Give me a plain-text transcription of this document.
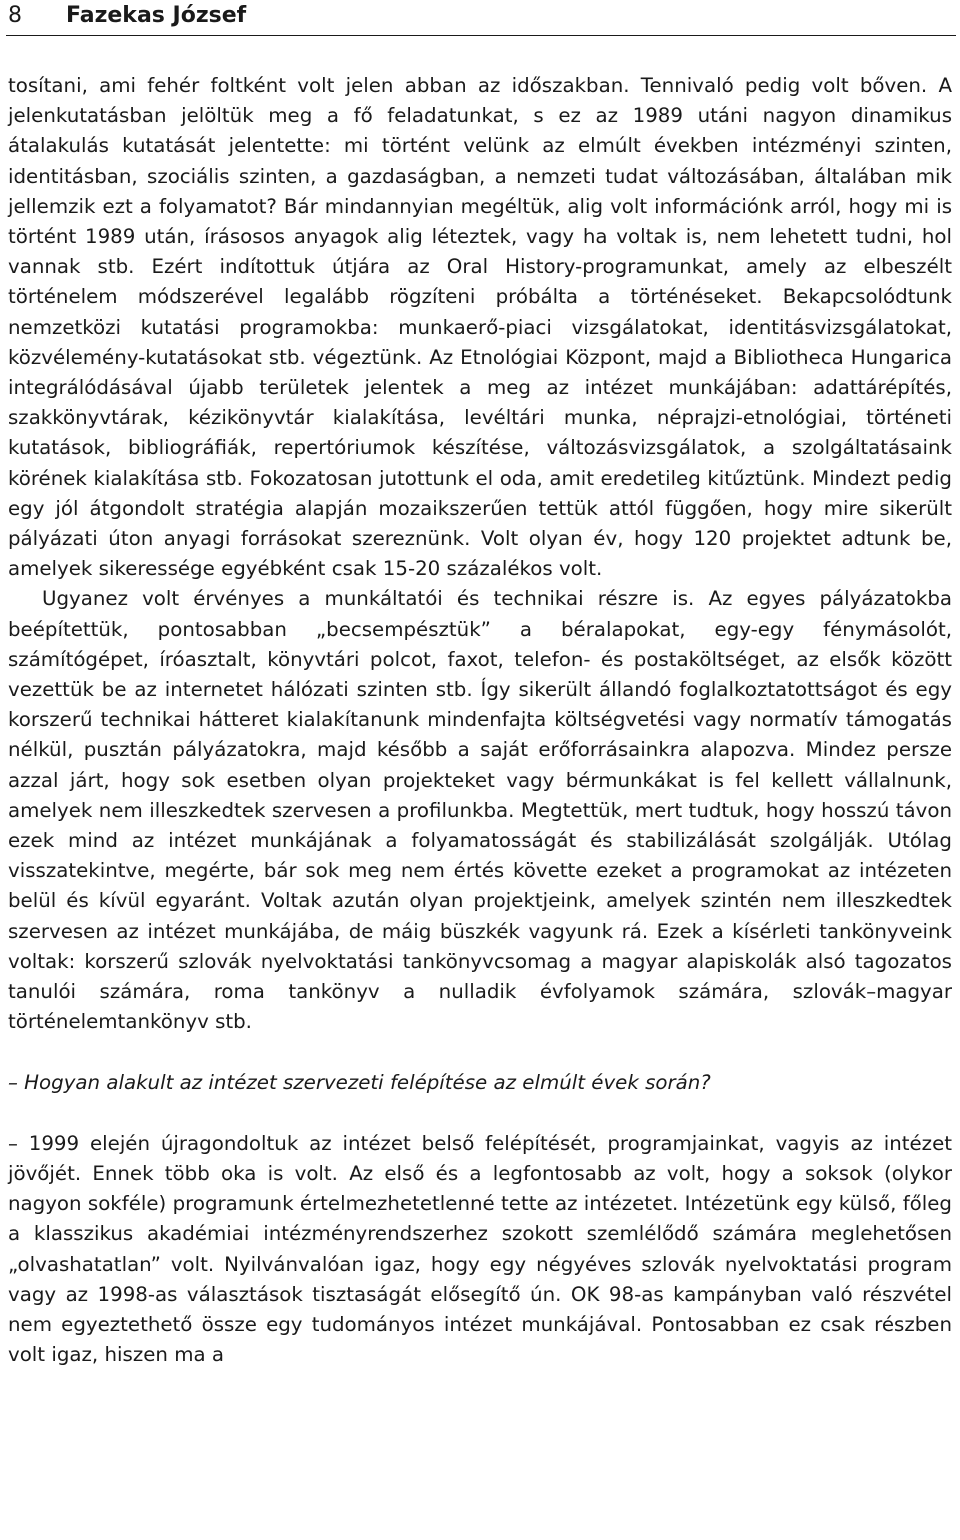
8	Fazekas József

tosítani, ami fehér foltként volt jelen abban az időszakban. Tennivaló pedig volt bőven. A jelenkutatásban jelöltük meg a fő feladatunkat, s ez az 1989 utáni nagyon dinamikus átalakulás kutatását jelentette: mi történt velünk az elmúlt években intézményi szinten, identitásban, szociális szinten, a gazdaságban, a nemzeti tudat változásában, általában mik jellemzik ezt a folyamatot? Bár mindannyian megéltük, alig volt információnk arról, hogy mi is történt 1989 után, írásosos anyagok alig léteztek, vagy ha voltak is, nem lehetett tudni, hol vannak stb. Ezért indítottuk útjára az Oral History-programunkat, amely az elbeszélt történelem módszerével legalább rögzíteni próbálta a történéseket. Bekapcsolódtunk nemzetközi kutatási programokba: munkaerő-piaci vizsgálatokat, identitásvizsgálatokat, közvélemény-kutatásokat stb. végeztünk. Az Etnológiai Központ, majd a Bibliotheca Hungarica integrálódásával újabb területek jelentek a meg az intézet munkájában: adattárépítés, szakkönyvtárak, kézikönyvtár kialakítása, levéltári munka, néprajzi-etnológiai, történeti kutatások, bibliográfiák, repertóriumok készítése, változásvizsgálatok, a szolgáltatásaink körének kialakítása stb. Fokozatosan jutottunk el oda, amit eredetileg kitűztünk. Mindezt pedig egy jól átgondolt stratégia alapján mozaikszerűen tettük attól függően, hogy mire sikerült pályázati úton anyagi forrásokat szereznünk. Volt olyan év, hogy 120 projektet adtunk be, amelyek sikeressége egyébként csak 15-20 százalékos volt.

Ugyanez volt érvényes a munkáltatói és technikai részre is. Az egyes pályázatokba beépítettük, pontosabban „becsempésztük” a béralapokat, egy-egy fénymásolót, számítógépet, íróasztalt, könyvtári polcot, faxot, telefon- és postaköltséget, az elsők között vezettük be az internetet hálózati szinten stb. Így sikerült állandó foglalkoztatottságot és egy korszerű technikai hátteret kialakítanunk mindenfajta költségvetési vagy normatív támogatás nélkül, pusztán pályázatokra, majd később a saját erőforrásainkra alapozva. Mindez persze azzal járt, hogy sok esetben olyan projekteket vagy bérmunkákat is fel kellett vállalnunk, amelyek nem illeszkedtek szervesen a profilunkba. Megtettük, mert tudtuk, hogy hosszú távon ezek mind az intézet munkájának a folyamatosságát és stabilizálását szolgálják. Utólag visszatekintve, megérte, bár sok meg nem értés követte ezeket a programokat az intézeten belül és kívül egyaránt. Voltak azután olyan projektjeink, amelyek szintén nem illeszkedtek szervesen az intézet munkájába, de máig büszkék vagyunk rá. Ezek a kísérleti tankönyveink voltak: korszerű szlovák nyelvoktatási tankönyvcsomag a magyar alapiskolák alsó tagozatos tanulói számára, roma tankönyv a nulladik évfolyamok számára, szlovák–magyar történelemtankönyv stb.

– Hogyan alakult az intézet szervezeti felépítése az elmúlt évek során?

– 1999 elején újragondoltuk az intézet belső felépítését, programjainkat, vagyis az intézet jövőjét. Ennek több oka is volt. Az első és a legfontosabb az volt, hogy a soksok (olykor nagyon sokféle) programunk értelmezhetetlenné tette az intézetet. Intézetünk egy külső, főleg a klasszikus akadémiai intézményrendszerhez szokott szemlélődő számára meglehetősen „olvashatatlan” volt. Nyilvánvalóan igaz, hogy egy négyéves szlovák nyelvoktatási program vagy az 1998-as választások tisztaságát elősegítő ún. OK 98-as kampányban való részvétel nem egyeztethető össze egy tudományos intézet munkájával. Pontosabban ez csak részben volt igaz, hiszen ma a
